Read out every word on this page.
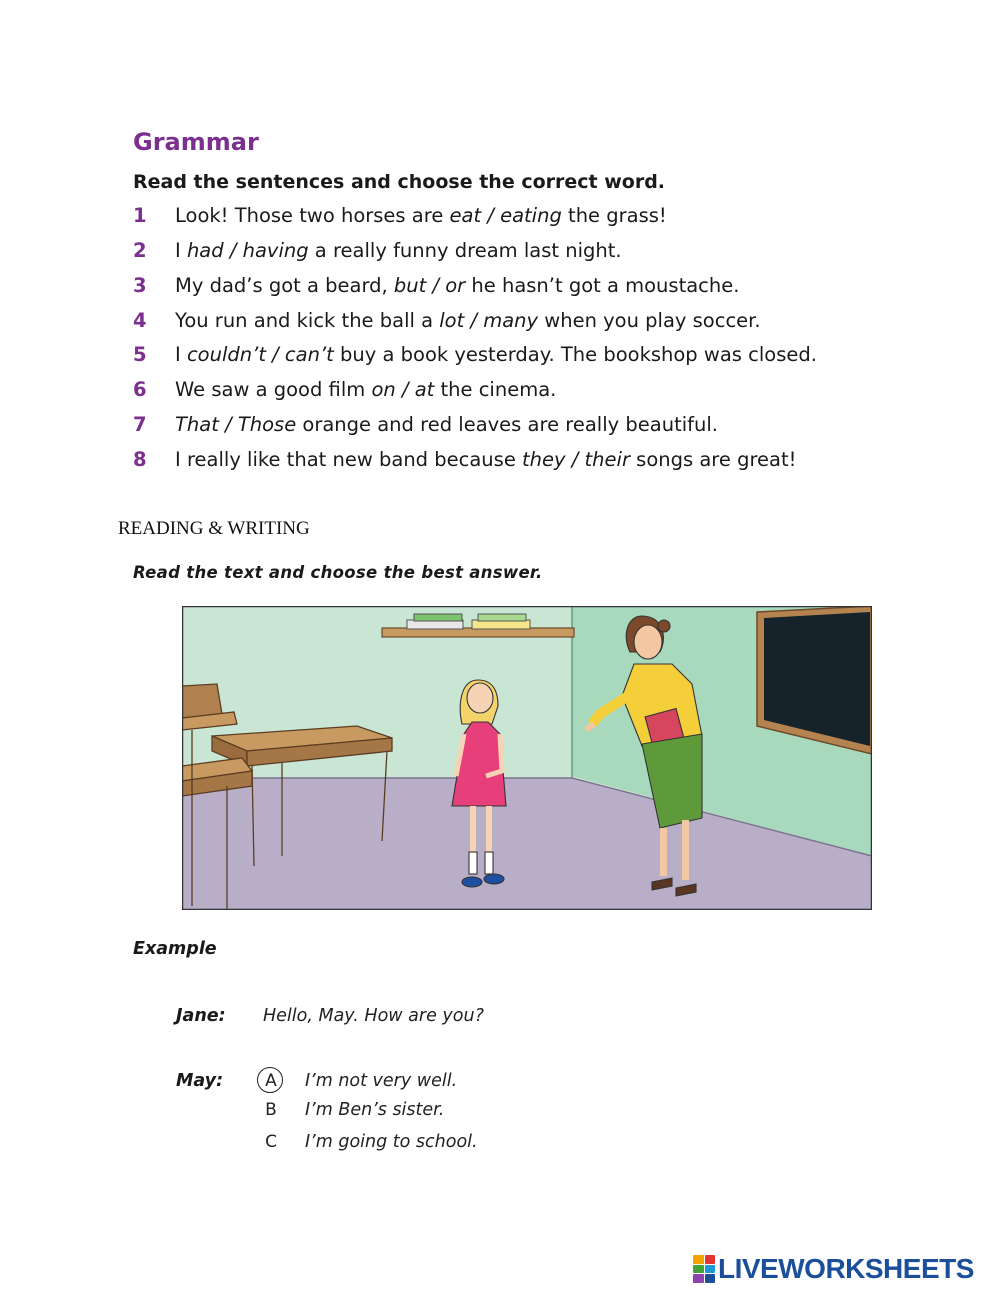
Grammar
Read the sentences and choose the correct word.
1 Look! Those two horses are eat / eating the grass!
2 I had / having a really funny dream last night.
3 My dad’s got a beard, but / or he hasn’t got a moustache.
4 You run and kick the ball a lot / many when you play soccer.
5 I couldn’t / can’t buy a book yesterday. The bookshop was closed.
6 We saw a good film on / at the cinema.
7 That / Those orange and red leaves are really beautiful.
8 I really like that new band because they / their songs are great!
READING & WRITING
Read the text and choose the best answer.
Example
Jane: Hello, May. How are you?
May:	A	I’m not very well.
B	I’m Ben’s sister.
C	I’m going to school.
LIVEWORKSHEETS
